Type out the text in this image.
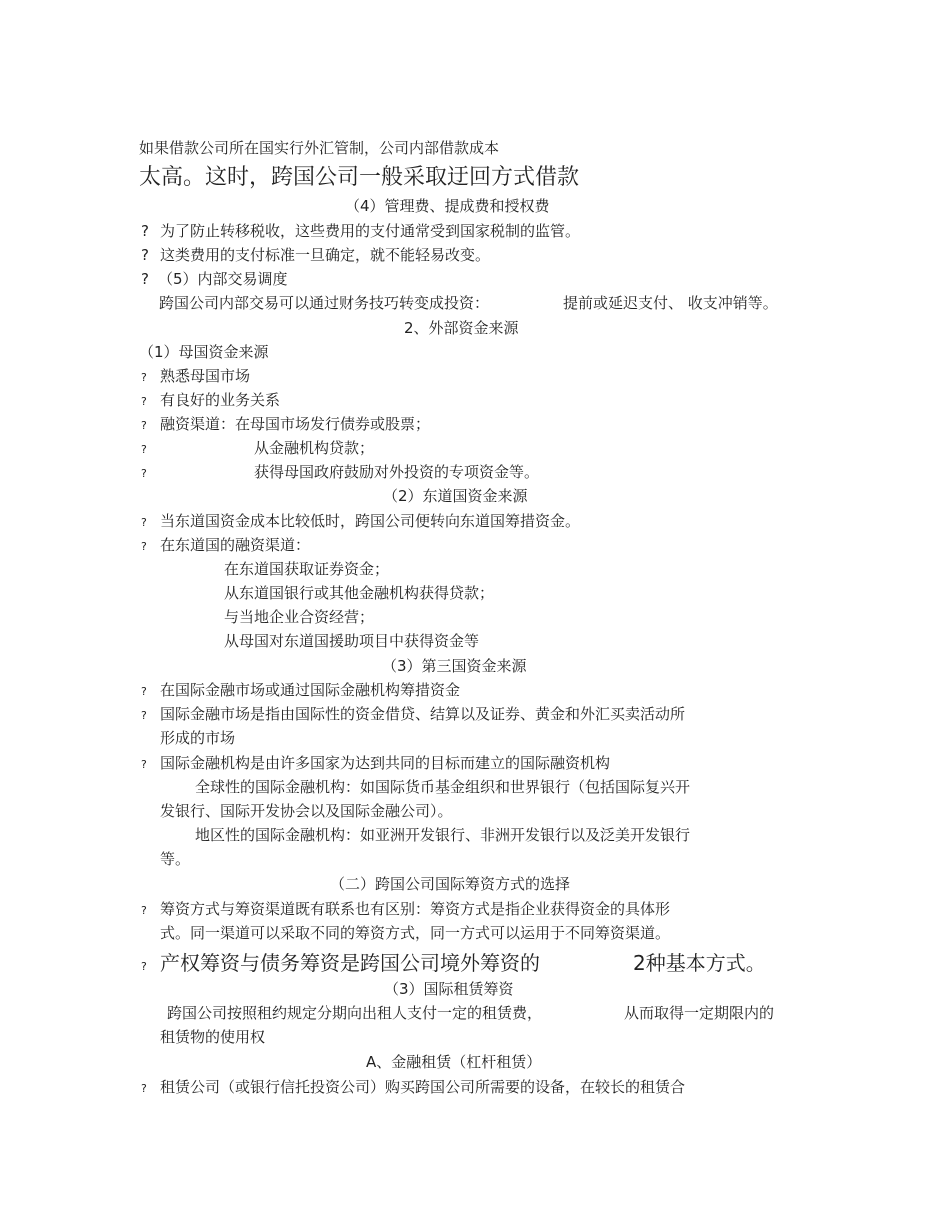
如果借款公司所在国实行外汇管制，公司内部借款成本
太高。这时，跨国公司一般采取迂回方式借款
（4）管理费、提成费和授权费
? 为了防止转移税收，这些费用的支付通常受到国家税制的监管。
? 这类费用的支付标准一旦确定，就不能轻易改变。
? （5）内部交易调度
跨国公司内部交易可以通过财务技巧转变成投资：	提前或延迟支付、 收支冲销等。
2、外部资金来源
（1）母国资金来源
? 熟悉母国市场
? 有良好的业务关系
? 融资渠道：在母国市场发行债券或股票；
?	从金融机构贷款；
?	获得母国政府鼓励对外投资的专项资金等。
（2）东道国资金来源
? 当东道国资金成本比较低时，跨国公司便转向东道国筹措资金。
? 在东道国的融资渠道：
在东道国获取证券资金；
从东道国银行或其他金融机构获得贷款；
与当地企业合资经营；
从母国对东道国援助项目中获得资金等
（3）第三国资金来源
? 在国际金融市场或通过国际金融机构筹措资金
? 国际金融市场是指由国际性的资金借贷、结算以及证券、黄金和外汇买卖活动所
形成的市场
? 国际金融机构是由许多国家为达到共同的目标而建立的国际融资机构
全球性的国际金融机构：如国际货币基金组织和世界银行（包括国际复兴开
发银行、国际开发协会以及国际金融公司）。
地区性的国际金融机构：如亚洲开发银行、非洲开发银行以及泛美开发银行
等。
（二）跨国公司国际筹资方式的选择
? 筹资方式与筹资渠道既有联系也有区别：筹资方式是指企业获得资金的具体形
式。同一渠道可以采取不同的筹资方式，同一方式可以运用于不同筹资渠道。
? 产权筹资与债务筹资是跨国公司境外筹资的	2种基本方式。
（3）国际租赁筹资
跨国公司按照租约规定分期向出租人支付一定的租赁费，	从而取得一定期限内的
租赁物的使用权
A、金融租赁（杠杆租赁）
? 租赁公司（或银行信托投资公司）购买跨国公司所需要的设备，在较长的租赁合
